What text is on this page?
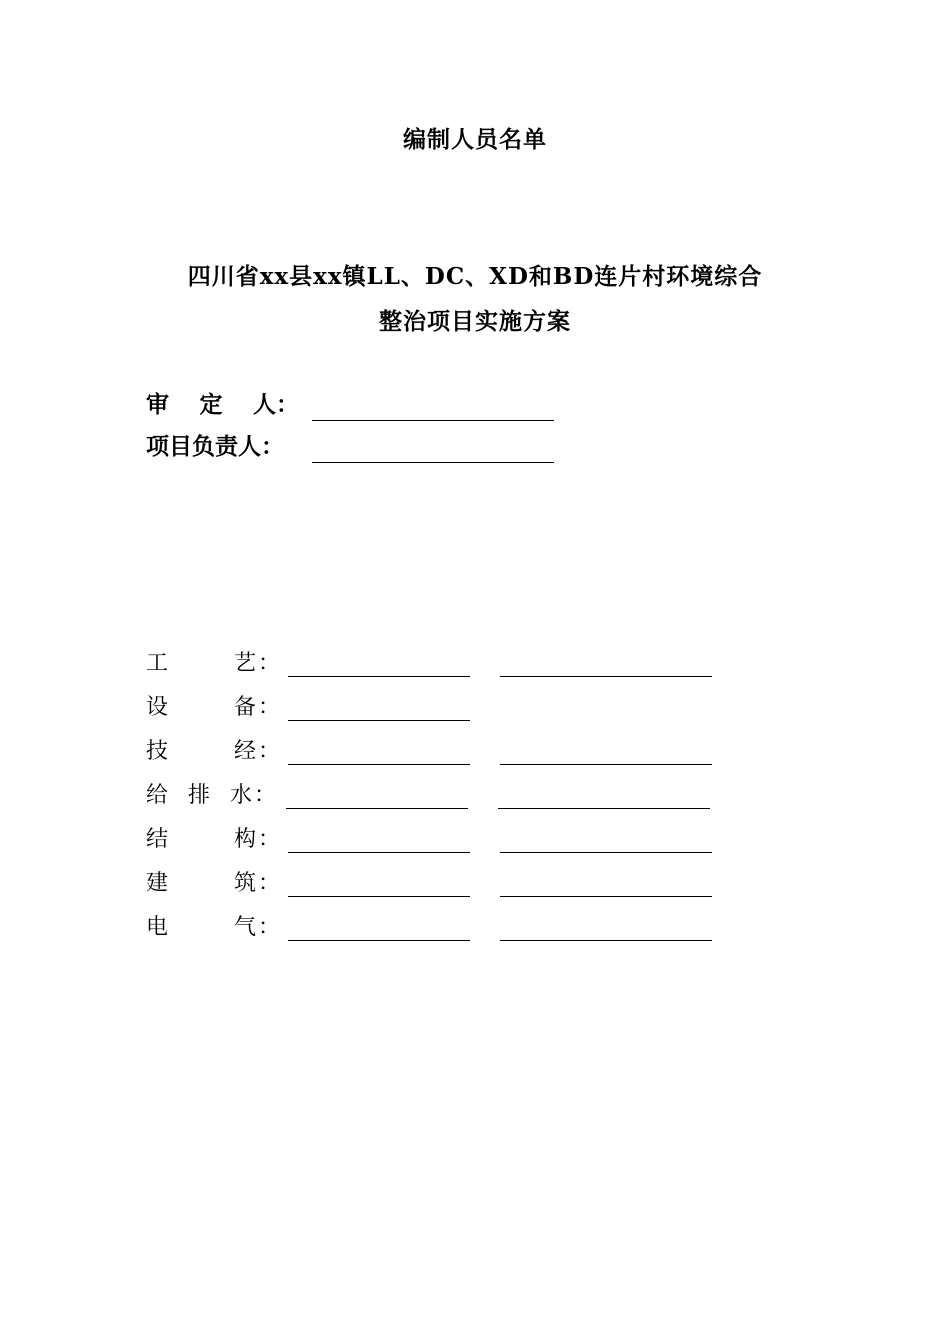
编制人员名单
四川省xx县xx镇LL、DC、XD和BD连片村环境综合
整治项目实施方案
审 定 人 ：
项目负责人：
工	艺 ：
设	备 ：
技	经 ：
给 排 水 ：
结	构 ：
建	筑 ：
电	气 ：
